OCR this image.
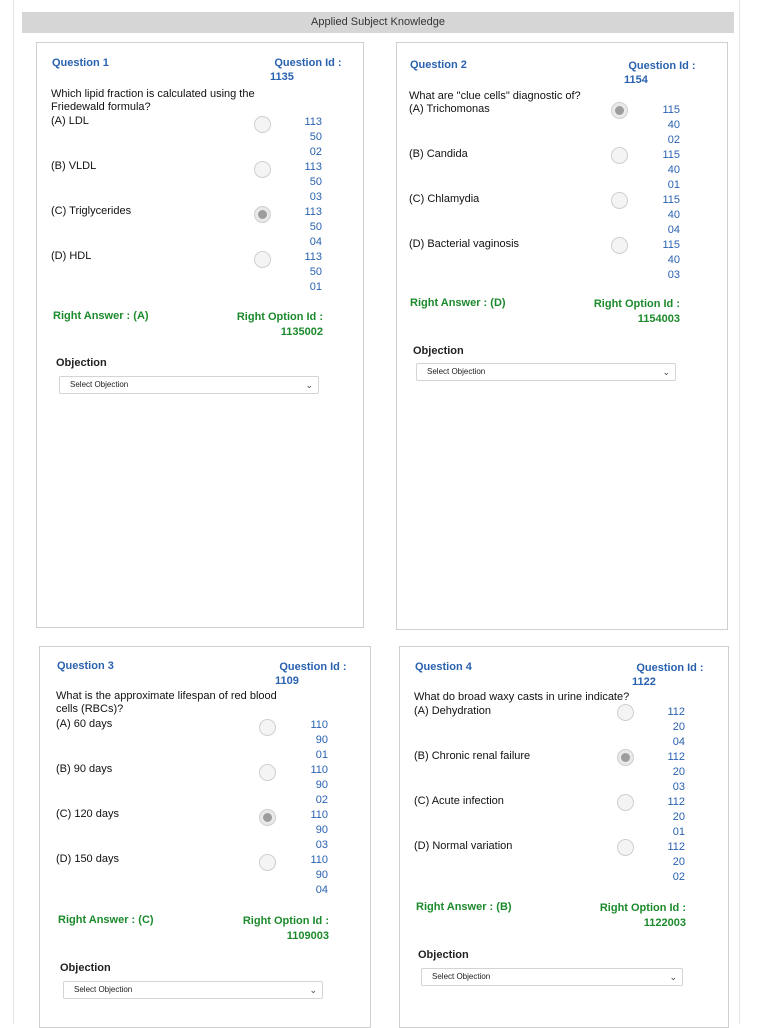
Applied Subject Knowledge
Question 1	Question Id :
1135
Which lipid fraction is calculated using the
Friedewald formula?
(A) LDL	113
50
02
(B) VLDL	113
50
03
(C) Triglycerides	113
50
04
(D) HDL	113
50
01
Right Answer : (A)	Right Option Id :
1135002
Objection
Select Objection	⌄
Question 2	Question Id :
1154
What are "clue cells" diagnostic of?
(A) Trichomonas	115
40
02
(B) Candida	115
40
01
(C) Chlamydia	115
40
04
(D) Bacterial vaginosis	115
40
03
Right Answer : (D)	Right Option Id :
1154003
Objection
Select Objection	⌄
Question 3	Question Id :
1109
What is the approximate lifespan of red blood
cells (RBCs)?
(A) 60 days	110
90
01
(B) 90 days	110
90
02
(C) 120 days	110
90
03
(D) 150 days	110
90
04
Right Answer : (C)	Right Option Id :
1109003
Objection
Select Objection	⌄
Question 4	Question Id :
1122
What do broad waxy casts in urine indicate?
(A) Dehydration	112
20
04
(B) Chronic renal failure	112
20
03
(C) Acute infection	112
20
01
(D) Normal variation	112
20
02
Right Answer : (B)	Right Option Id :
1122003
Objection
Select Objection	⌄
